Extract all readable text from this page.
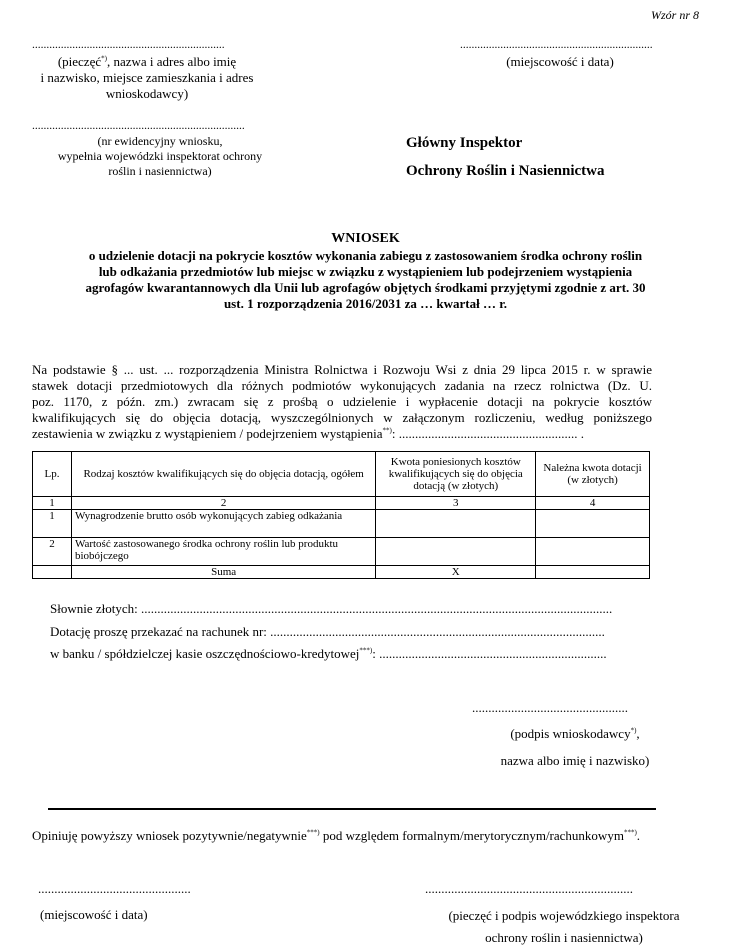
Wzór nr 8
...................................................................
(pieczęć*), nazwa i adres albo imię
i nazwisko, miejsce zamieszkania i adres
wnioskodawcy)
...................................................................
(miejscowość i data)
..........................................................................
(nr ewidencyjny wniosku,
wypełnia wojewódzki inspektorat ochrony
roślin i nasiennictwa)
Główny Inspektor
Ochrony Roślin i Nasiennictwa
WNIOSEK
o udzielenie dotacji na pokrycie kosztów wykonania zabiegu z zastosowaniem środka ochrony roślin
lub odkażania przedmiotów lub miejsc w związku z wystąpieniem lub podejrzeniem wystąpienia
agrofagów kwarantannowych dla Unii lub agrofagów objętych środkami przyjętymi zgodnie z art. 30
ust. 1 rozporządzenia 2016/2031 za … kwartał … r.
Na podstawie § ... ust. ... rozporządzenia Ministra Rolnictwa i Rozwoju Wsi z dnia 29 lipca 2015 r. w sprawie
stawek dotacji przedmiotowych dla różnych podmiotów wykonujących zadania na rzecz rolnictwa (Dz. U.
poz. 1170, z późn. zm.) zwracam się z prośbą o udzielenie i wypłacenie dotacji na pokrycie kosztów
kwalifikujących się do objęcia dotacją, wyszczególnionych w załączonym rozliczeniu, według poniższego
zestawienia w związku z wystąpieniem / podejrzeniem wystąpienia**): ....................................................... .
Lp.	Rodzaj kosztów kwalifikujących się do objęcia dotacją, ogółem	Kwota poniesionych kosztów kwalifikujących się do objęcia dotacją (w złotych)	Należna kwota dotacji (w złotych)
1	2	3	4
1	Wynagrodzenie brutto osób wykonujących zabieg odkażania		
2	Wartość zastosowanego środka ochrony roślin lub produktu biobójczego		
	Suma	X	
Słownie złotych: .................................................................................................................................................
Dotację proszę przekazać na rachunek nr: .......................................................................................................
w banku / spółdzielczej kasie oszczędnościowo-kredytowej***): ......................................................................
................................................
(podpis wnioskodawcy*),
nazwa albo imię i nazwisko)
Opiniuję powyższy wniosek pozytywnie/negatywnie***) pod względem formalnym/merytorycznym/rachunkowym***).
...............................................
(miejscowość i data)
................................................................
(pieczęć i podpis wojewódzkiego inspektora
ochrony roślin i nasiennictwa)
